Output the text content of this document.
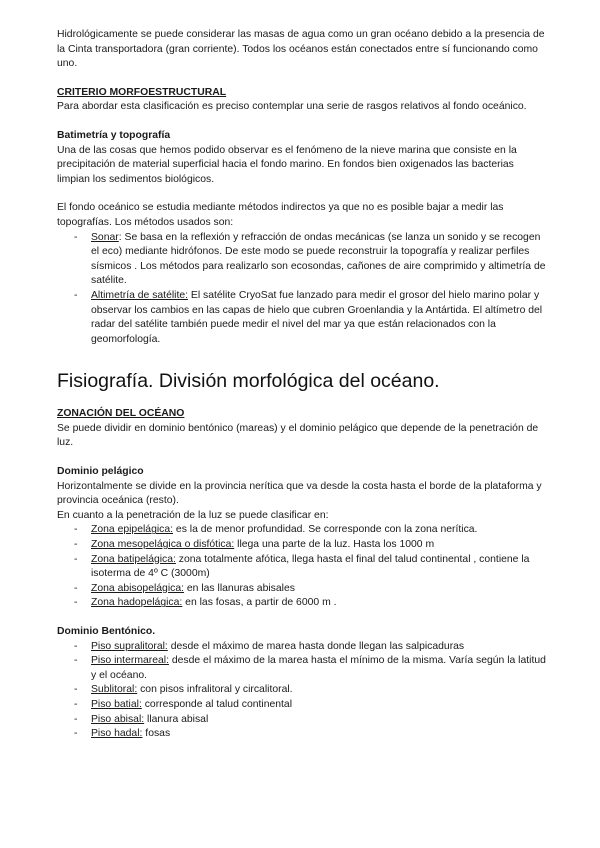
Hidrológicamente se puede considerar las masas de agua como un gran océano debido a la presencia de la Cinta transportadora (gran corriente). Todos los océanos están conectados entre sí funcionando como uno.

CRITERIO MORFOESTRUCTURAL

Para abordar esta clasificación es preciso contemplar una serie de rasgos relativos al fondo oceánico.

Batimetría y topografía

Una de las cosas que hemos podido observar es el fenómeno de la nieve marina que consiste en la precipitación de material superficial hacia el fondo marino. En fondos bien oxigenados las bacterias limpian los sedimentos biológicos.

El fondo oceánico se estudia mediante métodos indirectos ya que no es posible bajar a medir las topografías. Los métodos usados son:

- Sonar: Se basa en la reflexión y refracción de ondas mecánicas (se lanza un sonido y se recogen el eco) mediante hidrófonos. De este modo se puede reconstruir la topografía y realizar perfiles sísmicos . Los métodos para realizarlo son ecosondas, cañones de aire comprimido y altimetría de satélite.
- Altimetría de satélite: El satélite CryoSat fue lanzado para medir el grosor del hielo marino polar y observar los cambios en las capas de hielo que cubren Groenlandia y la Antártida. El altímetro del radar del satélite también puede medir el nivel del mar ya que están relacionados con la geomorfología.
Fisiografía. División morfológica del océano.

ZONACIÓN DEL OCÉANO

Se puede dividir en dominio bentónico (mareas) y el dominio pelágico que depende de la penetración de luz.

Dominio pelágico

Horizontalmente se divide en la provincia nerítica que va desde la costa hasta el borde de la plataforma y provincia oceánica (resto).

En cuanto a la penetración de la luz se puede clasificar en:

- Zona epipelágica: es la de menor profundidad. Se corresponde con la zona nerítica.
- Zona mesopelágica o disfótica: llega una parte de la luz. Hasta los 1000 m
- Zona batipelágica: zona totalmente afótica, llega hasta el final del talud continental , contiene la isoterma de 4º C (3000m)
- Zona abisopelágica: en las llanuras abisales
- Zona hadopelágica: en las fosas, a partir de 6000 m .

Dominio Bentónico.

- Piso supralitoral: desde el máximo de marea hasta donde llegan las salpicaduras
- Piso intermareal: desde el máximo de la marea hasta el mínimo de la misma. Varía según la latitud y el océano.
- Sublitoral: con pisos infralitoral y circalitoral.
- Piso batial: corresponde al talud continental
- Piso abisal: llanura abisal
- Piso hadal: fosas
